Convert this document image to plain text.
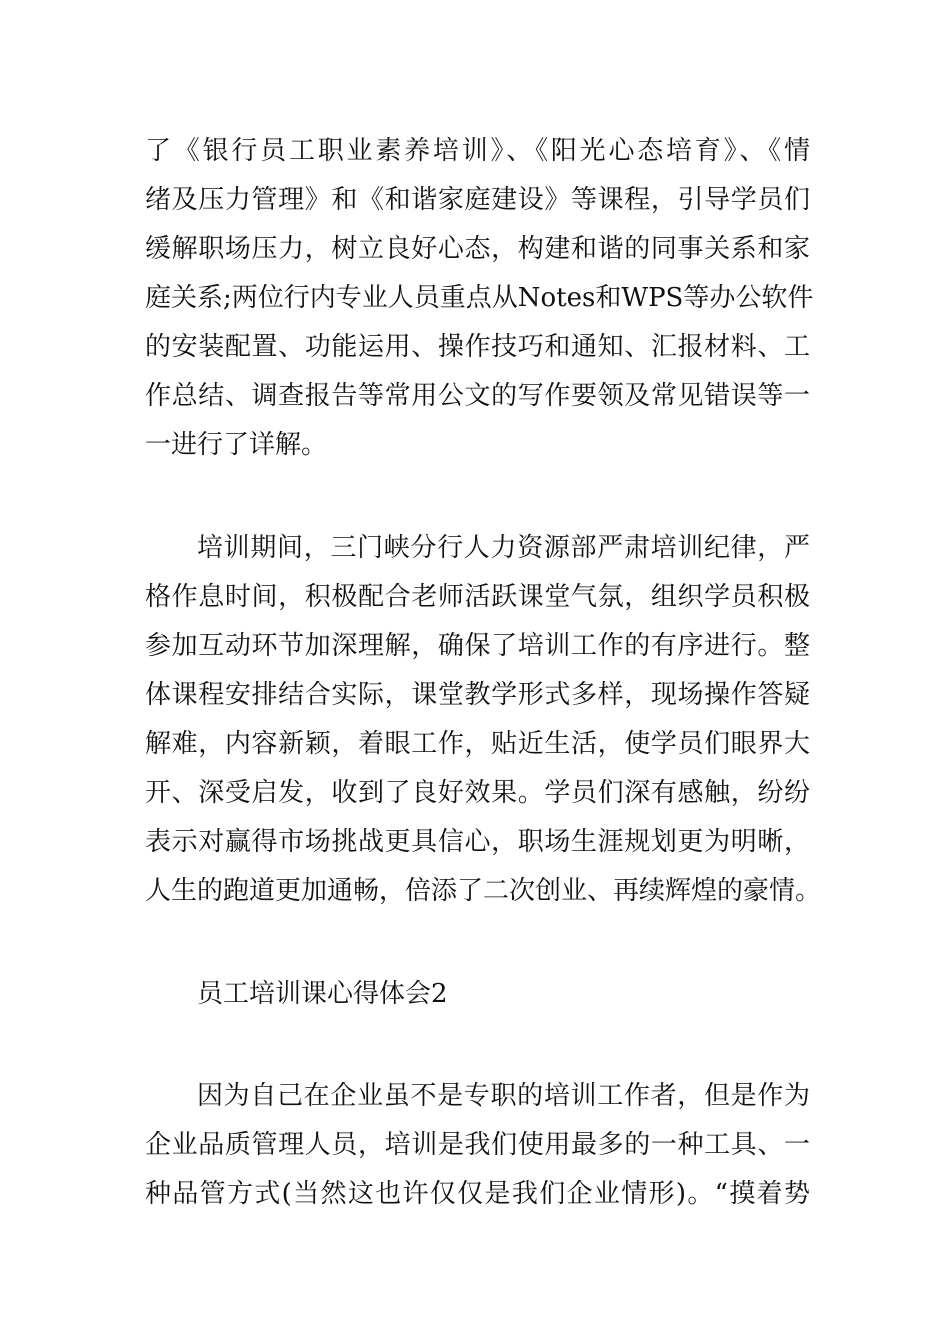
了《银行员工职业素养培训》、《阳光心态培育》、《情
绪及压力管理》和《和谐家庭建设》等课程，引导学员们
缓解职场压力，树立良好心态，构建和谐的同事关系和家
庭关系;两位行内专业人员重点从Notes和WPS等办公软件
的安装配置、功能运用、操作技巧和通知、汇报材料、工
作总结、调查报告等常用公文的写作要领及常见错误等一
一进行了详解。
培训期间，三门峡分行人力资源部严肃培训纪律，严
格作息时间，积极配合老师活跃课堂气氛，组织学员积极
参加互动环节加深理解，确保了培训工作的有序进行。整
体课程安排结合实际，课堂教学形式多样，现场操作答疑
解难，内容新颖，着眼工作，贴近生活，使学员们眼界大
开、深受启发，收到了良好效果。学员们深有感触，纷纷
表示对赢得市场挑战更具信心，职场生涯规划更为明晰，
人生的跑道更加通畅，倍添了二次创业、再续辉煌的豪情。
员工培训课心得体会2
因为自己在企业虽不是专职的培训工作者，但是作为
企业品质管理人员，培训是我们使用最多的一种工具、一
种品管方式(当然这也许仅仅是我们企业情形)。“摸着势
